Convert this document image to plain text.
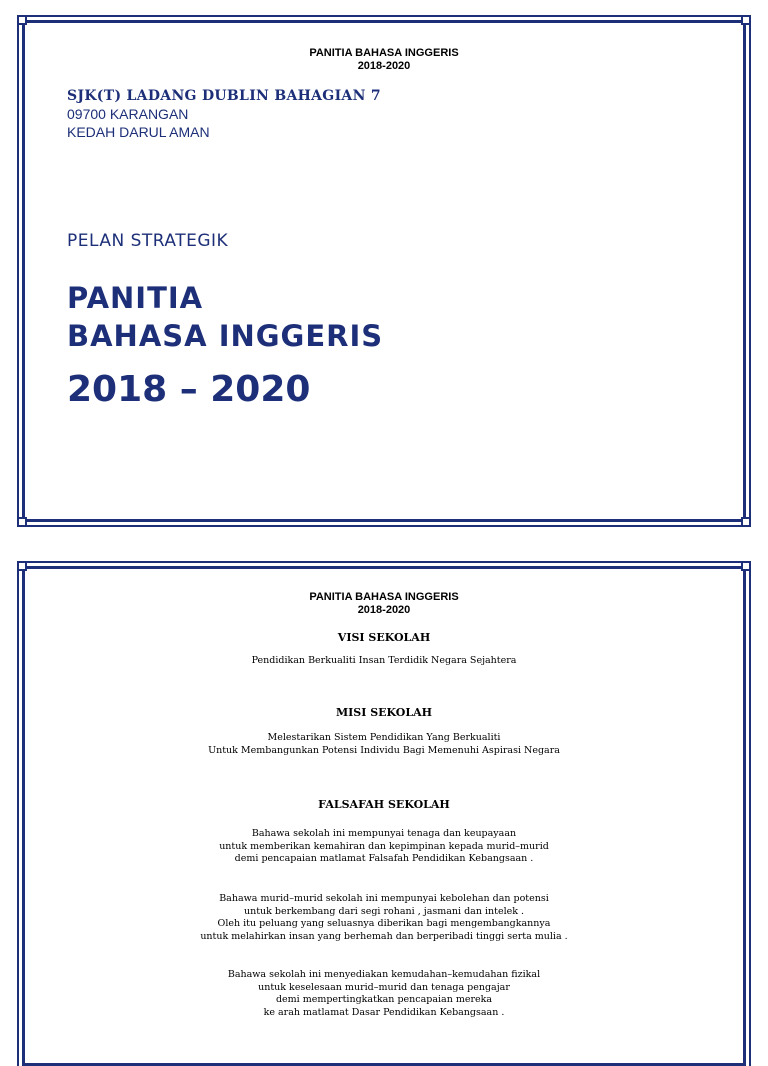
PANITIA BAHASA INGGERIS
2018-2020
SJK(T) LADANG DUBLIN BAHAGIAN 7
09700 KARANGAN
KEDAH DARUL AMAN
PELAN STRATEGIK
PANITIA
BAHASA INGGERIS
2018 – 2020
PANITIA BAHASA INGGERIS
2018-2020
VISI SEKOLAH
Pendidikan Berkualiti Insan Terdidik Negara Sejahtera
MISI SEKOLAH
Melestarikan Sistem Pendidikan Yang Berkualiti
Untuk Membangunkan Potensi Individu Bagi Memenuhi Aspirasi Negara
FALSAFAH SEKOLAH
Bahawa sekolah ini mempunyai tenaga dan keupayaan
untuk memberikan kemahiran dan kepimpinan kepada murid–murid
demi pencapaian matlamat Falsafah Pendidikan Kebangsaan .
Bahawa murid–murid sekolah ini mempunyai kebolehan dan potensi
untuk berkembang dari segi rohani , jasmani dan intelek .
Oleh itu peluang yang seluasnya diberikan bagi mengembangkannya
untuk melahirkan insan yang berhemah dan berperibadi tinggi serta mulia .
Bahawa sekolah ini menyediakan kemudahan–kemudahan fizikal
untuk keselesaan murid–murid dan tenaga pengajar
demi mempertingkatkan pencapaian mereka
ke arah matlamat Dasar Pendidikan Kebangsaan .
